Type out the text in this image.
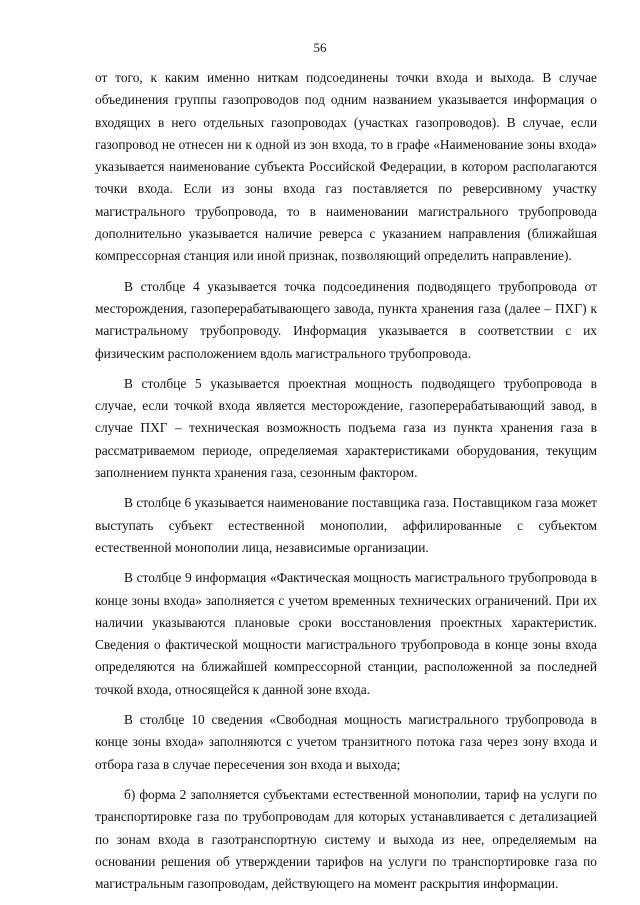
56

от того, к каким именно ниткам подсоединены точки входа и выхода. В случае объединения группы газопроводов под одним названием указывается информация о входящих в него отдельных газопроводах (участках газопроводов). В случае, если газопровод не отнесен ни к одной из зон входа, то в графе «Наименование зоны входа» указывается наименование субъекта Российской Федерации, в котором располагаются точки входа. Если из зоны входа газ поставляется по реверсивному участку магистрального трубопровода, то в наименовании магистрального трубопровода дополнительно указывается наличие реверса с указанием направления (ближайшая компрессорная станция или иной признак, позволяющий определить направление).

В столбце 4 указывается точка подсоединения подводящего трубопровода от месторождения, газоперерабатывающего завода, пункта хранения газа (далее – ПХГ) к магистральному трубопроводу. Информация указывается в соответствии с их физическим расположением вдоль магистрального трубопровода.

В столбце 5 указывается проектная мощность подводящего трубопровода в случае, если точкой входа является месторождение, газоперерабатывающий завод, в случае ПХГ – техническая возможность подъема газа из пункта хранения газа в рассматриваемом периоде, определяемая характеристиками оборудования, текущим заполнением пункта хранения газа, сезонным фактором.

В столбце 6 указывается наименование поставщика газа. Поставщиком газа может выступать субъект естественной монополии, аффилированные с субъектом естественной монополии лица, независимые организации.

В столбце 9 информация «Фактическая мощность магистрального трубопровода в конце зоны входа» заполняется с учетом временных технических ограничений. При их наличии указываются плановые сроки восстановления проектных характеристик. Сведения о фактической мощности магистрального трубопровода в конце зоны входа определяются на ближайшей компрессорной станции, расположенной за последней точкой входа, относящейся к данной зоне входа.

В столбце 10 сведения «Свободная мощность магистрального трубопровода в конце зоны входа» заполняются с учетом транзитного потока газа через зону входа и отбора газа в случае пересечения зон входа и выхода;

б) форма 2 заполняется субъектами естественной монополии, тариф на услуги по транспортировке газа по трубопроводам для которых устанавливается с детализацией по зонам входа в газотранспортную систему и выхода из нее, определяемым на основании решения об утверждении тарифов на услуги по транспортировке газа по магистральным газопроводам, действующего на момент раскрытия информации.
